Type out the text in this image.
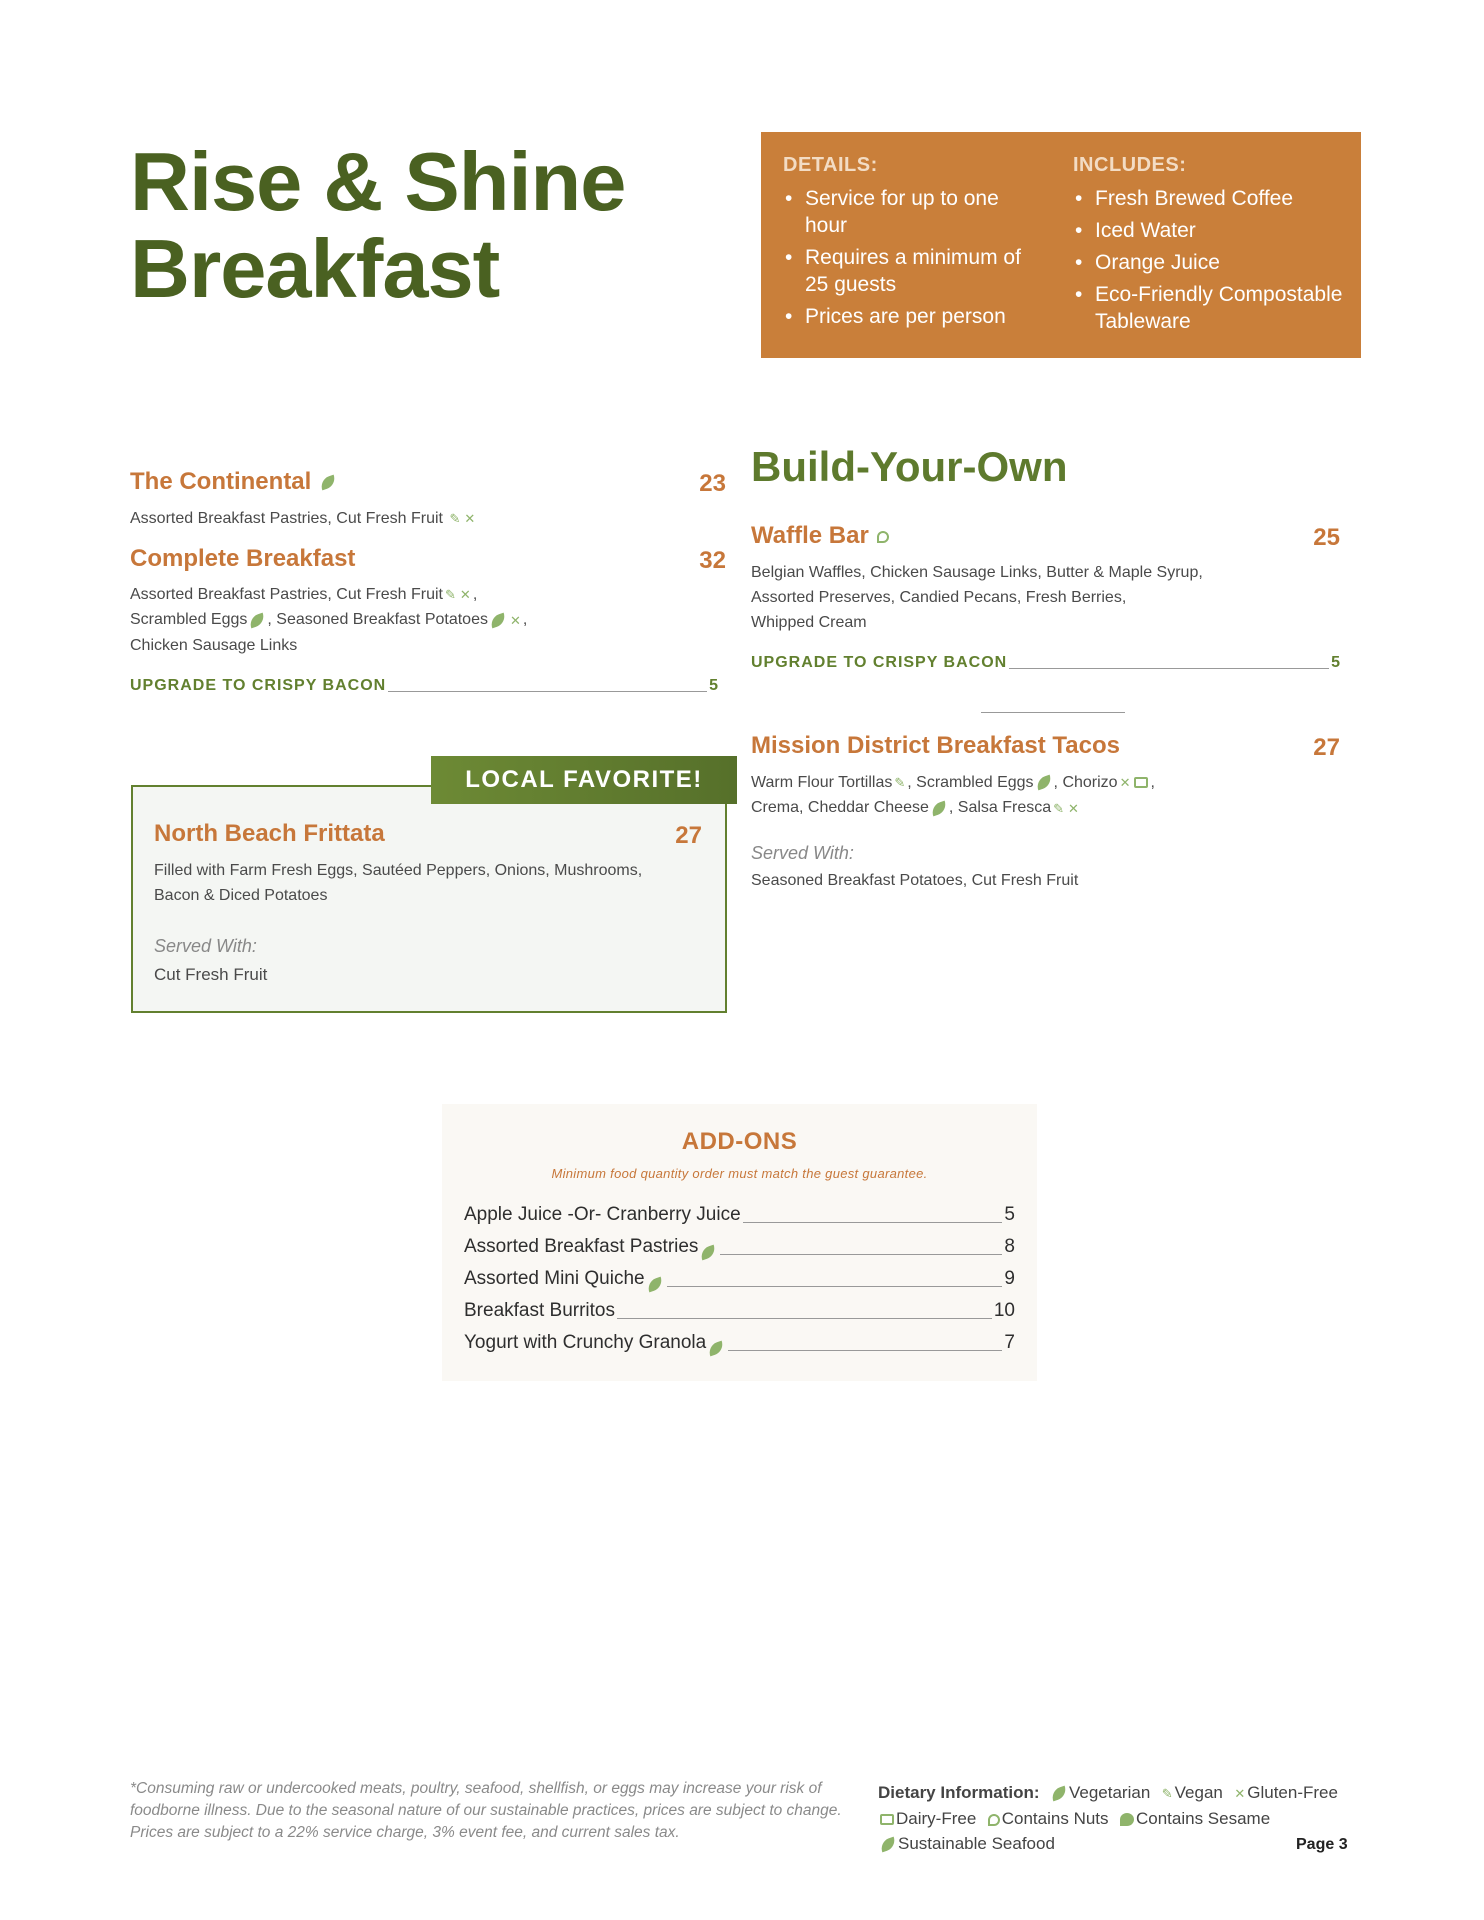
Rise & Shine
Breakfast
DETAILS:
• Service for up to one hour
• Requires a minimum of 25 guests
• Prices are per person
INCLUDES:
• Fresh Brewed Coffee
• Iced Water
• Orange Juice
• Eco-Friendly Compostable Tableware
The Continental	23
Assorted Breakfast Pastries, Cut Fresh Fruit ✎ ✕
Complete Breakfast	32
Assorted Breakfast Pastries, Cut Fresh Fruit ✎ ✕ ,
Scrambled Eggs , Seasoned Breakfast Potatoes ✕ ,
Chicken Sausage Links
UPGRADE TO CRISPY BACON	5
LOCAL FAVORITE!
North Beach Frittata	27
Filled with Farm Fresh Eggs, Sautéed Peppers, Onions, Mushrooms,
Bacon & Diced Potatoes
Served With:
Cut Fresh Fruit
Build-Your-Own
Waffle Bar	25
Belgian Waffles, Chicken Sausage Links, Butter & Maple Syrup,
Assorted Preserves, Candied Pecans, Fresh Berries,
Whipped Cream
UPGRADE TO CRISPY BACON	5
Mission District Breakfast Tacos	27
Warm Flour Tortillas ✎ , Scrambled Eggs , Chorizo ✕ ,
Crema, Cheddar Cheese , Salsa Fresca ✎ ✕
Served With:
Seasoned Breakfast Potatoes, Cut Fresh Fruit
ADD-ONS
Minimum food quantity order must match the guest guarantee.
Apple Juice -Or- Cranberry Juice	5
Assorted Breakfast Pastries	8
Assorted Mini Quiche	9
Breakfast Burritos	10
Yogurt with Crunchy Granola	7
*Consuming raw or undercooked meats, poultry, seafood, shellfish, or eggs may increase your risk of
foodborne illness. Due to the seasonal nature of our sustainable practices, prices are subject to change.
Prices are subject to a 22% service charge, 3% event fee, and current sales tax.
Dietary Information: Vegetarian ✎ Vegan ✕ Gluten-Free
Dairy-Free Contains Nuts Contains Sesame
Sustainable Seafood	Page 3
